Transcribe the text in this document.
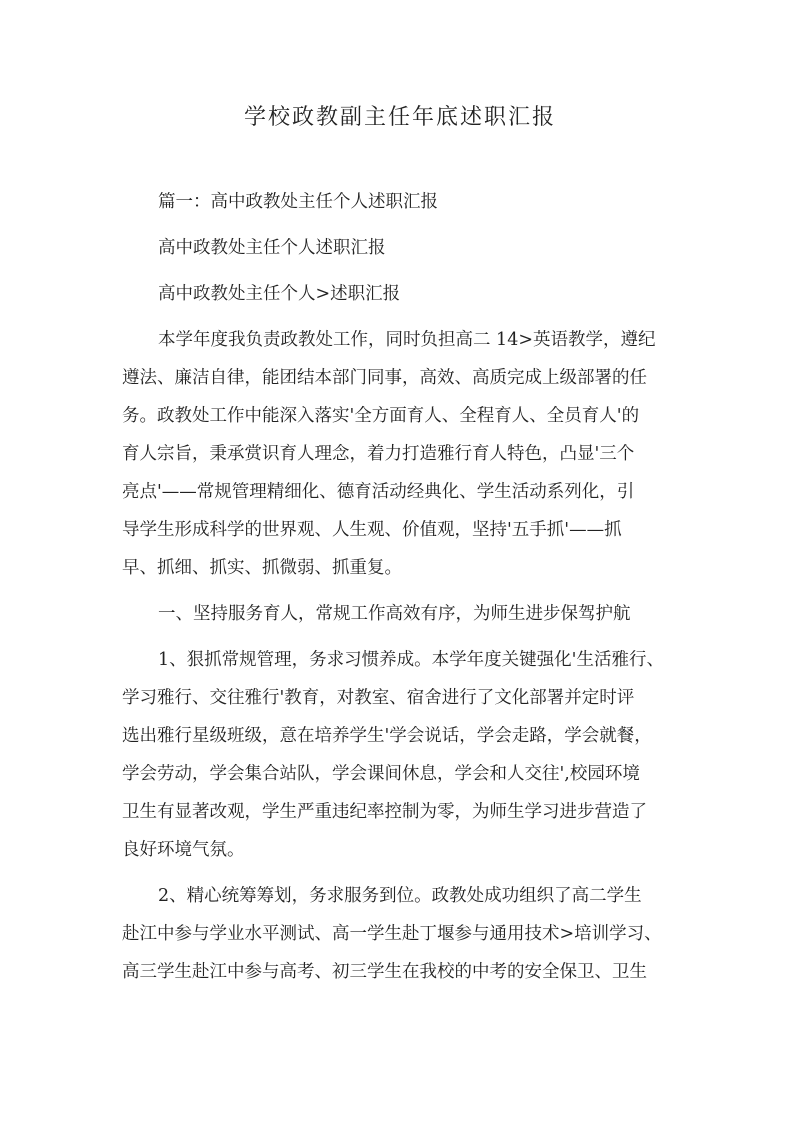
学校政教副主任年底述职汇报

篇一：高中政教处主任个人述职汇报

高中政教处主任个人述职汇报

高中政教处主任个人>述职汇报

本学年度我负责政教处工作，同时负担高二 14>英语教学，遵纪

遵法、廉洁自律，能团结本部门同事，高效、高质完成上级部署的任

务。政教处工作中能深入落实'全方面育人、全程育人、全员育人'的

育人宗旨，秉承赏识育人理念，着力打造雅行育人特色，凸显'三个

亮点'——常规管理精细化、德育活动经典化、学生活动系列化，引

导学生形成科学的世界观、人生观、价值观，坚持'五手抓'——抓

早、抓细、抓实、抓微弱、抓重复。

一、坚持服务育人，常规工作高效有序，为师生进步保驾护航

1、狠抓常规管理，务求习惯养成。本学年度关键强化'生活雅行、

学习雅行、交往雅行'教育，对教室、宿舍进行了文化部署并定时评

选出雅行星级班级，意在培养学生'学会说话，学会走路，学会就餐，

学会劳动，学会集合站队，学会课间休息，学会和人交往',校园环境

卫生有显著改观，学生严重违纪率控制为零，为师生学习进步营造了

良好环境气氛。

2、精心统筹筹划，务求服务到位。政教处成功组织了高二学生

赴江中参与学业水平测试、高一学生赴丁堰参与通用技术>培训学习、

高三学生赴江中参与高考、初三学生在我校的中考的安全保卫、卫生
